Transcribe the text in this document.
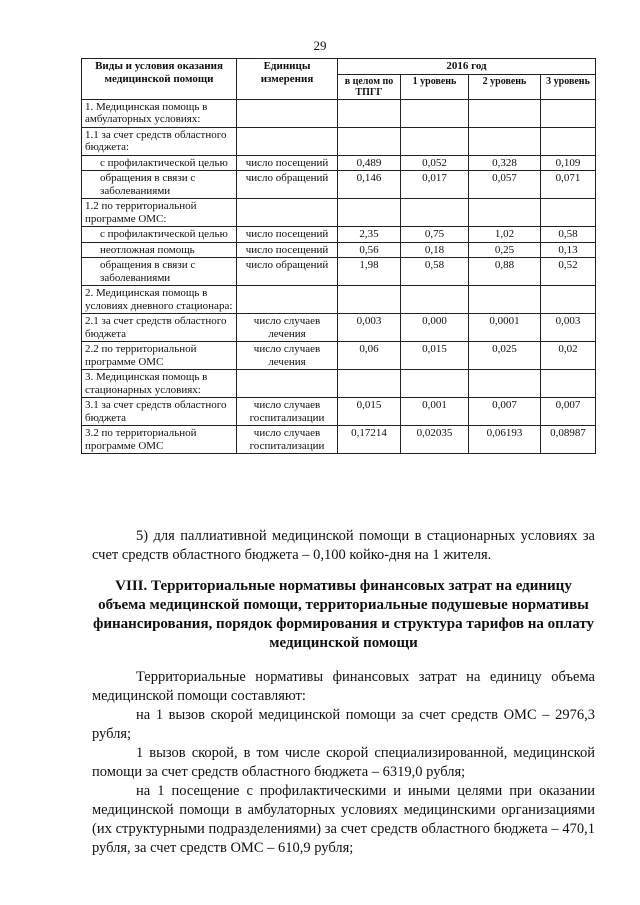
29
Виды и условия оказания медицинской помощи	Единицы измерения	2016 год			
		в целом по ТПГГ	1 уровень	2 уровень	3 уровень
1. Медицинская помощь в амбулаторных условиях:					
1.1 за счет средств областного бюджета:					
с профилактической целью	число посещений	0,489	0,052	0,328	0,109
обращения в связи с заболеваниями	число обращений	0,146	0,017	0,057	0,071
1.2 по территориальной программе ОМС:					
с профилактической целью	число посещений	2,35	0,75	1,02	0,58
неотложная помощь	число посещений	0,56	0,18	0,25	0,13
обращения в связи с заболеваниями	число обращений	1,98	0,58	0,88	0,52
2. Медицинская помощь в условиях дневного стационара:					
2.1 за счет средств областного бюджета	число случаев лечения	0,003	0,000	0,0001	0,003
2.2 по территориальной программе ОМС	число случаев лечения	0,06	0,015	0,025	0,02
3. Медицинская помощь в стационарных условиях:					
3.1 за счет средств областного бюджета	число случаев госпитализации	0,015	0,001	0,007	0,007
3.2 по территориальной программе ОМС	число случаев госпитализации	0,17214	0,02035	0,06193	0,08987
5) для паллиативной медицинской помощи в стационарных условиях за счет средств областного бюджета – 0,100 койко-дня на 1 жителя.
VIII. Территориальные нормативы финансовых затрат на единицу объема медицинской помощи, территориальные подушевые нормативы финансирования, порядок формирования и структура тарифов на оплату медицинской помощи
Территориальные нормативы финансовых затрат на единицу объема медицинской помощи составляют:
на 1 вызов скорой медицинской помощи за счет средств ОМС – 2976,3 рубля;
1 вызов скорой, в том числе скорой специализированной, медицинской помощи за счет средств областного бюджета – 6319,0 рубля;
на 1 посещение с профилактическими и иными целями при оказании медицинской помощи в амбулаторных условиях медицинскими организациями (их структурными подразделениями) за счет средств областного бюджета – 470,1 рубля, за счет средств ОМС – 610,9 рубля;
